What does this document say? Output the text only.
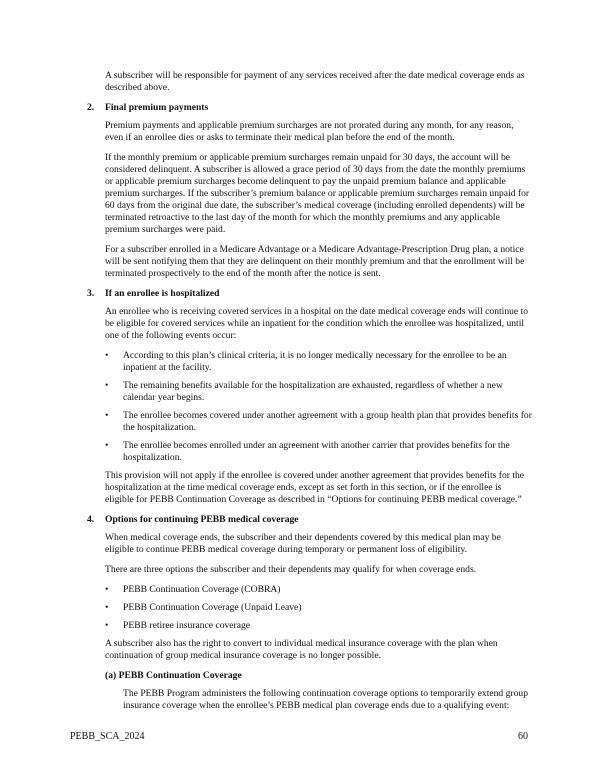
A subscriber will be responsible for payment of any services received after the date medical coverage ends as described above.

2. Final premium payments

Premium payments and applicable premium surcharges are not prorated during any month, for any reason, even if an enrollee dies or asks to terminate their medical plan before the end of the month.

If the monthly premium or applicable premium surcharges remain unpaid for 30 days, the account will be considered delinquent. A subscriber is allowed a grace period of 30 days from the date the monthly premiums or applicable premium surcharges become delinquent to pay the unpaid premium balance and applicable premium surcharges. If the subscriber’s premium balance or applicable premium surcharges remain unpaid for 60 days from the original due date, the subscriber’s medical coverage (including enrolled dependents) will be terminated retroactive to the last day of the month for which the monthly premiums and any applicable premium surcharges were paid.

For a subscriber enrolled in a Medicare Advantage or a Medicare Advantage-Prescription Drug plan, a notice will be sent notifying them that they are delinquent on their monthly premium and that the enrollment will be terminated prospectively to the end of the month after the notice is sent.

3. If an enrollee is hospitalized

An enrollee who is receiving covered services in a hospital on the date medical coverage ends will continue to be eligible for covered services while an inpatient for the condition which the enrollee was hospitalized, until one of the following events occur:

• According to this plan’s clinical criteria, it is no longer medically necessary for the enrollee to be an inpatient at the facility.
• The remaining benefits available for the hospitalization are exhausted, regardless of whether a new calendar year begins.
• The enrollee becomes covered under another agreement with a group health plan that provides benefits for the hospitalization.
• The enrollee becomes enrolled under an agreement with another carrier that provides benefits for the hospitalization.

This provision will not apply if the enrollee is covered under another agreement that provides benefits for the hospitalization at the time medical coverage ends, except as set forth in this section, or if the enrollee is eligible for PEBB Continuation Coverage as described in “Options for continuing PEBB medical coverage.”

4. Options for continuing PEBB medical coverage

When medical coverage ends, the subscriber and their dependents covered by this medical plan may be eligible to continue PEBB medical coverage during temporary or permanent loss of eligibility.

There are three options the subscriber and their dependents may qualify for when coverage ends.

• PEBB Continuation Coverage (COBRA)
• PEBB Continuation Coverage (Unpaid Leave)
• PEBB retiree insurance coverage

A subscriber also has the right to convert to individual medical insurance coverage with the plan when continuation of group medical insurance coverage is no longer possible.

(a) PEBB Continuation Coverage

The PEBB Program administers the following continuation coverage options to temporarily extend group insurance coverage when the enrollee’s PEBB medical plan coverage ends due to a qualifying event:

PEBB_SCA_2024	60
